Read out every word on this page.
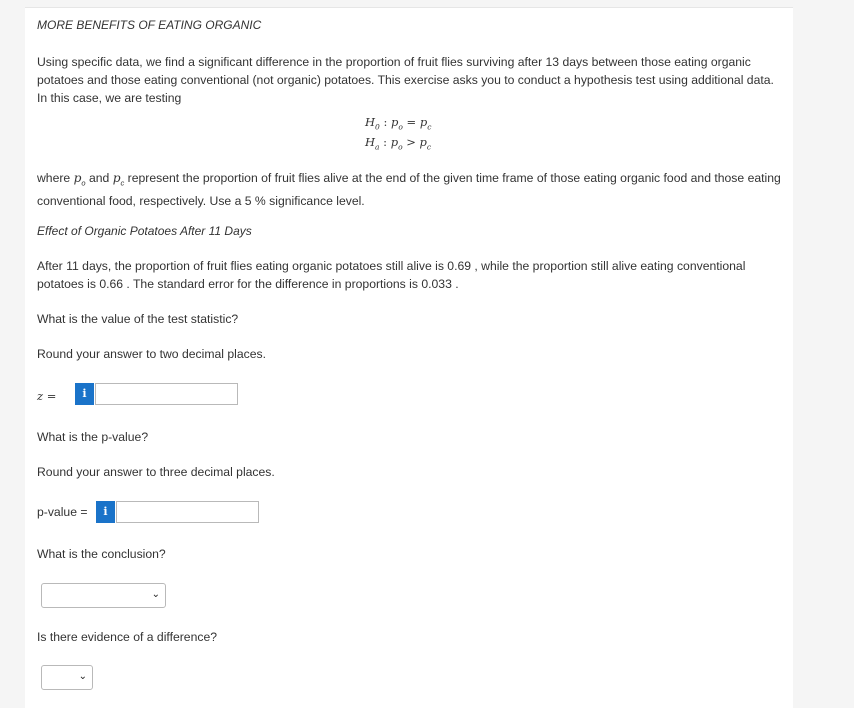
MORE BENEFITS OF EATING ORGANIC
Using specific data, we find a significant difference in the proportion of fruit flies surviving after 13 days between those eating organic potatoes and those eating conventional (not organic) potatoes. This exercise asks you to conduct a hypothesis test using additional data. In this case, we are testing
$H_0$ : $p_o = p_c$
$H_a$ : $p_o > p_c$
where $p_o$ and $p_c$ represent the proportion of fruit flies alive at the end of the given time frame of those eating organic food and those eating conventional food, respectively. Use a 5 % significance level.
Effect of Organic Potatoes After 11 Days
After 11 days, the proportion of fruit flies eating organic potatoes still alive is 0.69 , while the proportion still alive eating conventional potatoes is 0.66 . The standard error for the difference in proportions is 0.033 .
What is the value of the test statistic?
Round your answer to two decimal places.
z =	i
What is the p-value?
Round your answer to three decimal places.
p-value =	i
What is the conclusion?
⌄
Is there evidence of a difference?
⌄
